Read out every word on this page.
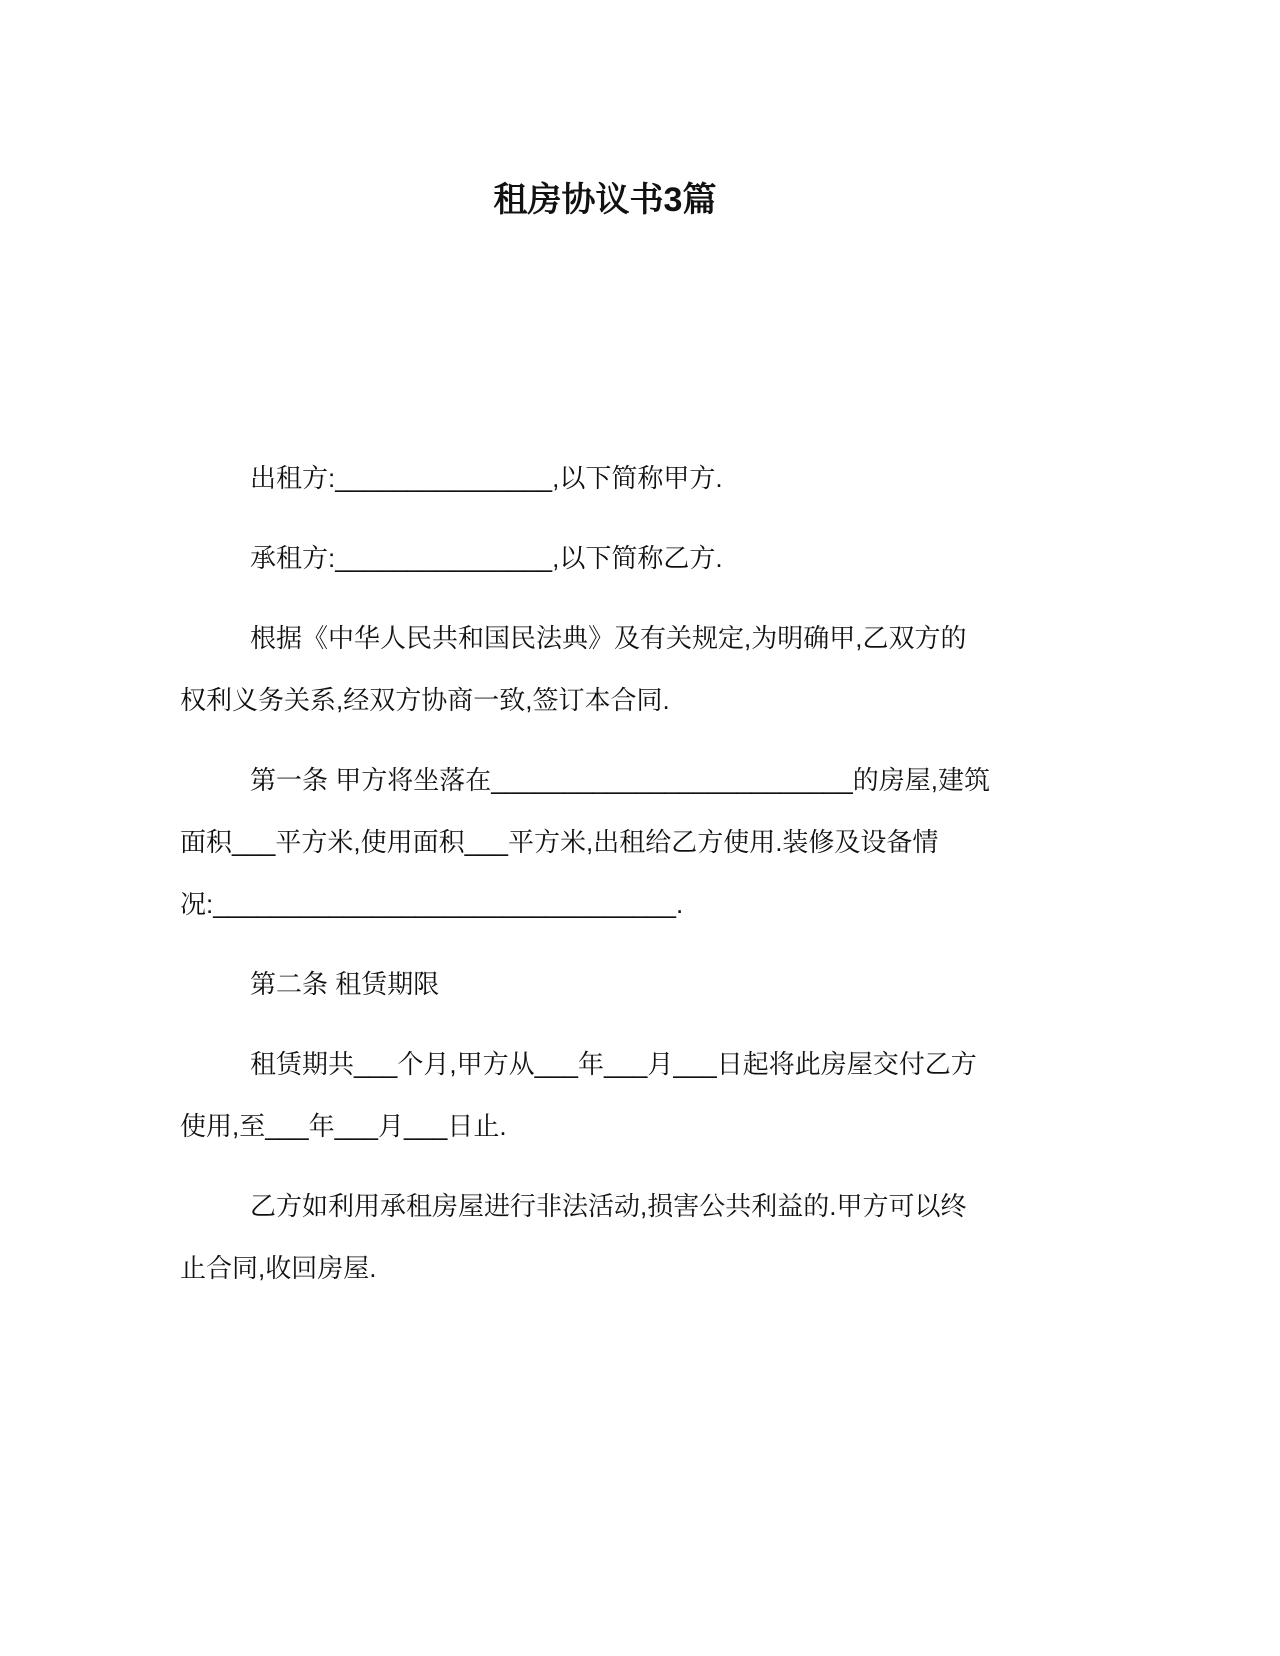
租房协议书3篇
出租方:_______________,以下简称甲方.
承租方:_______________,以下简称乙方.
根据《中华人民共和国民法典》及有关规定,为明确甲,乙双方的
权利义务关系,经双方协商一致,签订本合同.
第一条 甲方将坐落在_________________________的房屋,建筑
面积___平方米,使用面积___平方米,出租给乙方使用.装修及设备情
况:________________________________.
第二条 租赁期限
租赁期共___个月,甲方从___年___月___日起将此房屋交付乙方
使用,至___年___月___日止.
乙方如利用承租房屋进行非法活动,损害公共利益的.甲方可以终
止合同,收回房屋.
